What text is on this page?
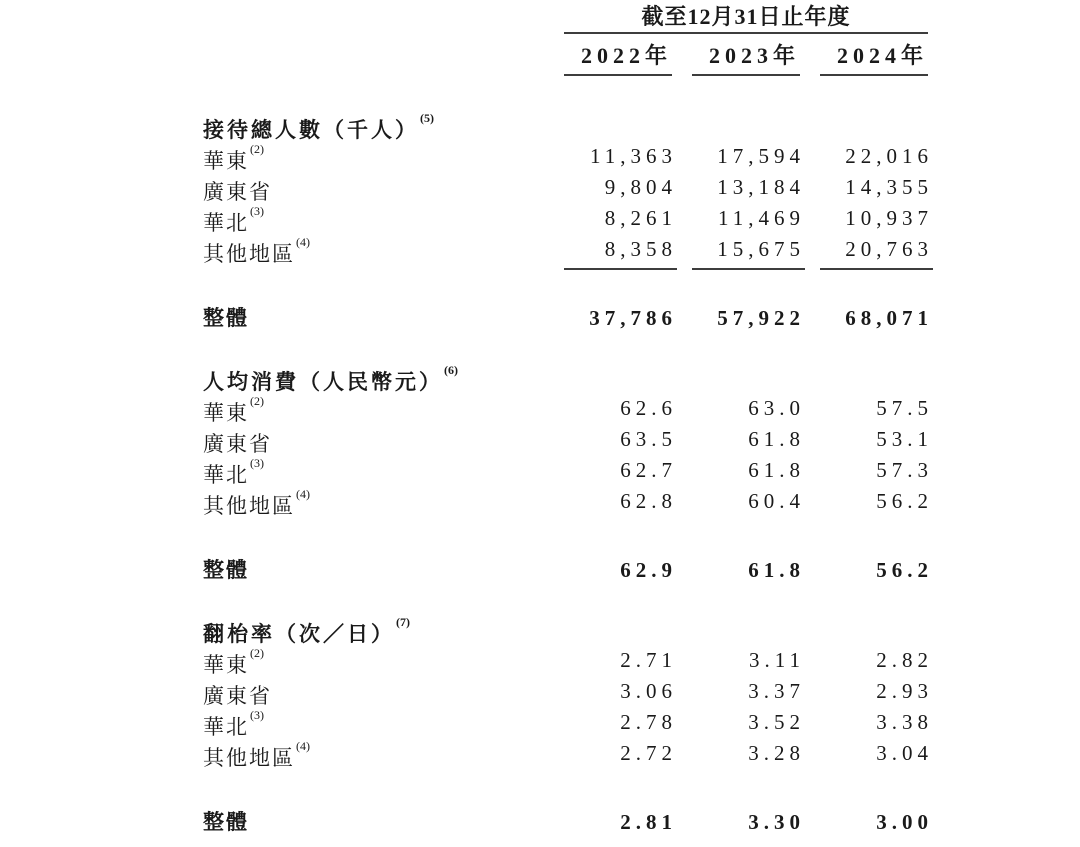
截至12月31日止年度
2022年	2023年	2024年
接待總人數（千人）$^{(5)}$
華東$^{(2)}$	11,363	17,594	22,016
廣東省	9,804	13,184	14,355
華北$^{(3)}$	8,261	11,469	10,937
其他地區$^{(4)}$	8,358	15,675	20,763
整體	37,786	57,922	68,071
人均消費（人民幣元）$^{(6)}$
華東$^{(2)}$	62.6	63.0	57.5
廣東省	63.5	61.8	53.1
華北$^{(3)}$	62.7	61.8	57.3
其他地區$^{(4)}$	62.8	60.4	56.2
整體	62.9	61.8	56.2
翻枱率（次／日）$^{(7)}$
華東$^{(2)}$	2.71	3.11	2.82
廣東省	3.06	3.37	2.93
華北$^{(3)}$	2.78	3.52	3.38
其他地區$^{(4)}$	2.72	3.28	3.04
整體	2.81	3.30	3.00
